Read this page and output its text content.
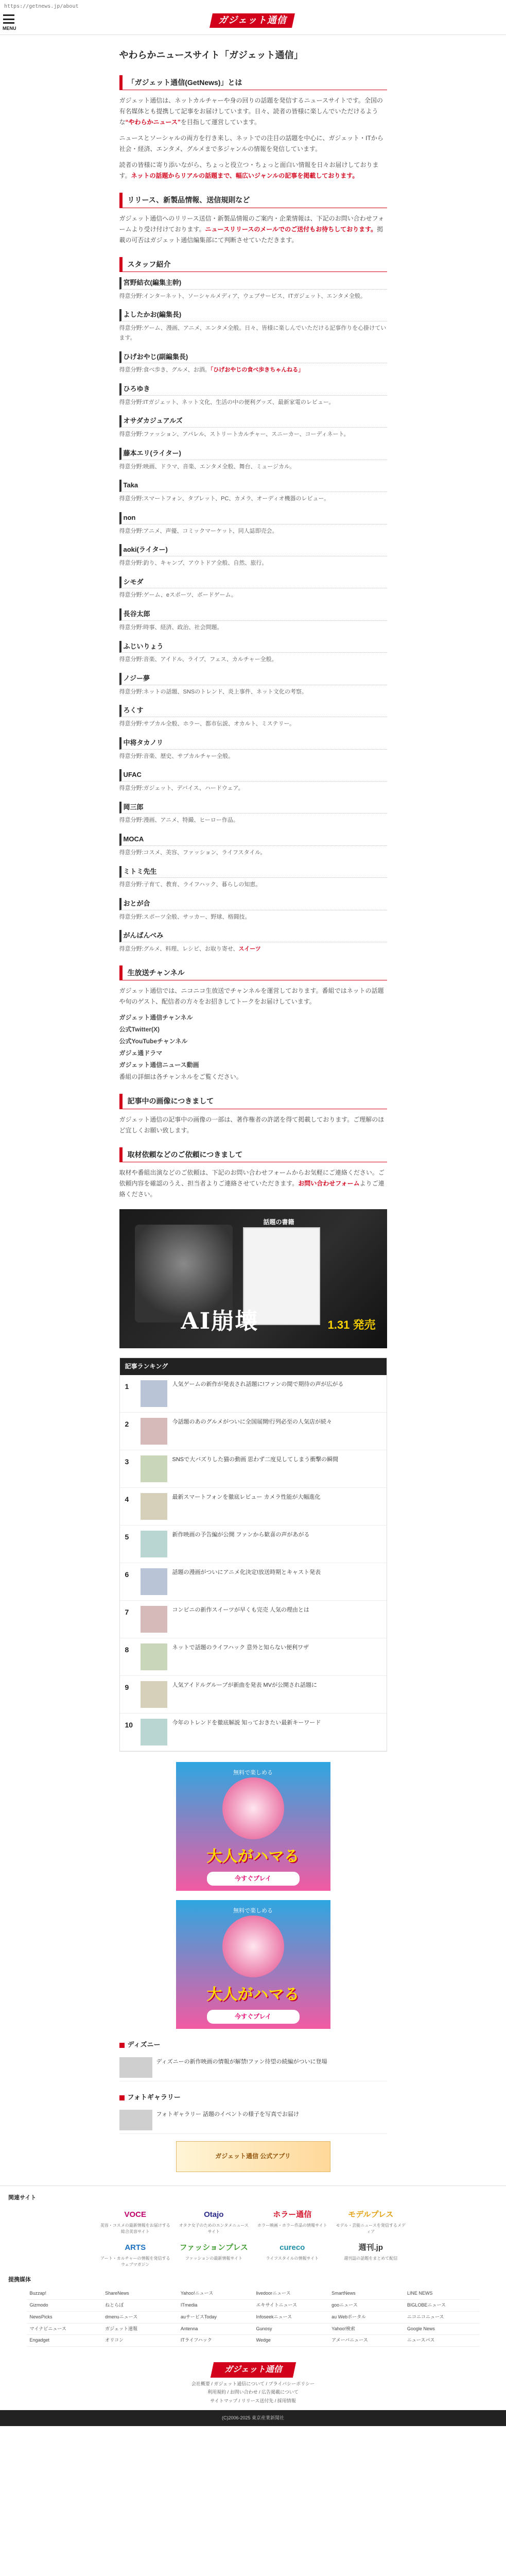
https://getnews.jp/about
MENU
ガジェット通信
やわらかニュースサイト「ガジェット通信」
「ガジェット通信(GetNews)」とは

ガジェット通信は、ネットカルチャーや身の回りの話題を発信するニュースサイトです。全国の有名媒体とも提携して記事をお届けしています。日々、読者の皆様に楽しんでいただけるような“やわらかニュース”を目指して運営しています。

ニュースとソーシャルの両方を行き来し、ネットでの注目の話題を中心に、ガジェット・ITから社会・経済、エンタメ、グルメまで多ジャンルの情報を発信しています。

読者の皆様に寄り添いながら、ちょっと役立つ・ちょっと面白い情報を日々お届けしております。ネットの話題からリアルの話題まで、幅広いジャンルの記事を掲載しております。

リリース、新製品情報、送信規則など

ガジェット通信へのリリース送信・新製品情報のご案内・企業情報は、下記のお問い合わせフォームより受け付けております。ニュースリリースのメールでのご送付もお待ちしております。掲載の可否はガジェット通信編集部にて判断させていただきます。

スタッフ紹介
宮野結衣(編集主幹)
得意分野:インターネット、ソーシャルメディア、ウェブサービス、ITガジェット、エンタメ全般。
よしたかお(編集長)
得意分野:ゲーム、漫画、アニメ、エンタメ全般。日々、皆様に楽しんでいただける記事作りを心掛けています。
ひげおやじ(副編集長)
得意分野:食べ歩き、グルメ、お酒。「ひげおやじの食べ歩きちゃんねる」
ひろゆき
得意分野:ITガジェット、ネット文化、生活の中の便利グッズ、最新家電のレビュー。
オサダカジュアルズ
得意分野:ファッション、アパレル、ストリートカルチャー、スニーカー、コーディネート。
藤本エリ(ライター)
得意分野:映画、ドラマ、音楽、エンタメ全般、舞台、ミュージカル。
Taka
得意分野:スマートフォン、タブレット、PC、カメラ、オーディオ機器のレビュー。
non
得意分野:アニメ、声優、コミックマーケット、同人誌即売会。
aoki(ライター)
得意分野:釣り、キャンプ、アウトドア全般、自然、旅行。
シモダ
得意分野:ゲーム、eスポーツ、ボードゲーム。
長谷太郎
得意分野:時事、経済、政治、社会問題。
ふじいりょう
得意分野:音楽、アイドル、ライブ、フェス、カルチャー全般。
ノジー夢
得意分野:ネットの話題、SNSのトレンド、炎上事件、ネット文化の考察。
ろくす
得意分野:サブカル全般、ホラー、都市伝説、オカルト、ミステリー。
中将タカノリ
得意分野:音楽、歴史、サブカルチャー全般。
UFAC
得意分野:ガジェット、デバイス、ハードウェア。
岡三郎
得意分野:漫画、アニメ、特撮、ヒーロー作品。
MOCA
得意分野:コスメ、美容、ファッション、ライフスタイル。
ミトミ先生
得意分野:子育て、教育、ライフハック、暮らしの知恵。
おとが合
得意分野:スポーツ全般、サッカー、野球、格闘技。
がんばんべみ
得意分野:グルメ、料理、レシピ、お取り寄せ、スイーツ
生放送チャンネル

ガジェット通信では、ニコニコ生放送でチャンネルを運営しております。番組ではネットの話題や旬のゲスト、配信者の方々をお招きしてトークをお届けしています。

ガジェット通信チャンネル

公式Twitter(X)

公式YouTubeチャンネル

ガジェ通ドラマ

ガジェット通信ニュース動画

番組の詳細は各チャンネルをご覧ください。

記事中の画像につきまして

ガジェット通信の記事中の画像の一部は、著作権者の許諾を得て掲載しております。ご理解のほど宜しくお願い致します。

取材依頼などのご依頼につきまして

取材や番組出演などのご依頼は、下記のお問い合わせフォームからお気軽にご連絡ください。ご依頼内容を確認のうえ、担当者よりご連絡させていただきます。お問い合わせフォームよりご連絡ください。

話題の書籍
AI崩壊	1.31 発売
記事ランキング
1	人気ゲームの新作が発表され話題に!ファンの間で期待の声が広がる
2	今話題のあのグルメがついに全国展開!行列必至の人気店が続々
3	SNSで大バズりした猫の動画 思わず二度見してしまう衝撃の瞬間
4	最新スマートフォンを徹底レビュー カメラ性能が大幅進化
5	新作映画の予告編が公開 ファンから歓喜の声があがる
6	話題の漫画がついにアニメ化決定!放送時期とキャスト発表
7	コンビニの新作スイーツが早くも完売 人気の理由とは
8	ネットで話題のライフハック 意外と知らない便利ワザ
9	人気アイドルグループが新曲を発表 MVが公開され話題に
10	今年のトレンドを徹底解説 知っておきたい最新キーワード
無料で楽しめる
大人がハマる
今すぐプレイ
無料で楽しめる
大人がハマる
今すぐプレイ
ディズニー
ディズニーの新作映画の情報が解禁!ファン待望の続編がついに登場
フォトギャラリー
フォトギャラリー 話題のイベントの様子を写真でお届け
ガジェット通信 公式アプリ
関連サイト
VOCE
美容・コスメの最新情報をお届けする総合美容サイト
Otajo
オタク女子のためのエンタメニュースサイト
ホラー通信
ホラー映画・ホラー作品の情報サイト
モデルプレス
モデル・芸能ニュースを発信するメディア
ARTS
アート・カルチャーの情報を発信するウェブマガジン
ファッションプレス
ファッションの最新情報サイト
cureco
ライフスタイルの情報サイト
週刊.jp
週刊誌の話題をまとめて配信
提携媒体
Buzzap!	ShareNews	Yahoo!ニュース	livedoorニュース	SmartNews	LINE NEWS
Gizmodo	ねとらぼ	ITmedia	エキサイトニュース	gooニュース	BIGLOBEニュース
NewsPicks	dmenuニュース	auサービスToday	Infoseekニュース	au Webポータル	ニコニコニュース
マイナビニュース	ガジェット速報	Antenna	Gunosy	Yahoo!検索	Google News
Engadget	オリコン	ITライフハック	Wedge	アメーバニュース	ニュースパス
ガジェット通信
会社概要 / ガジェット通信について / プライバシーポリシー
利用規約 / お問い合わせ / 広告掲載について
サイトマップ / リリース送付先 / 採用情報
(C)2006-2025 東京産業新聞社
